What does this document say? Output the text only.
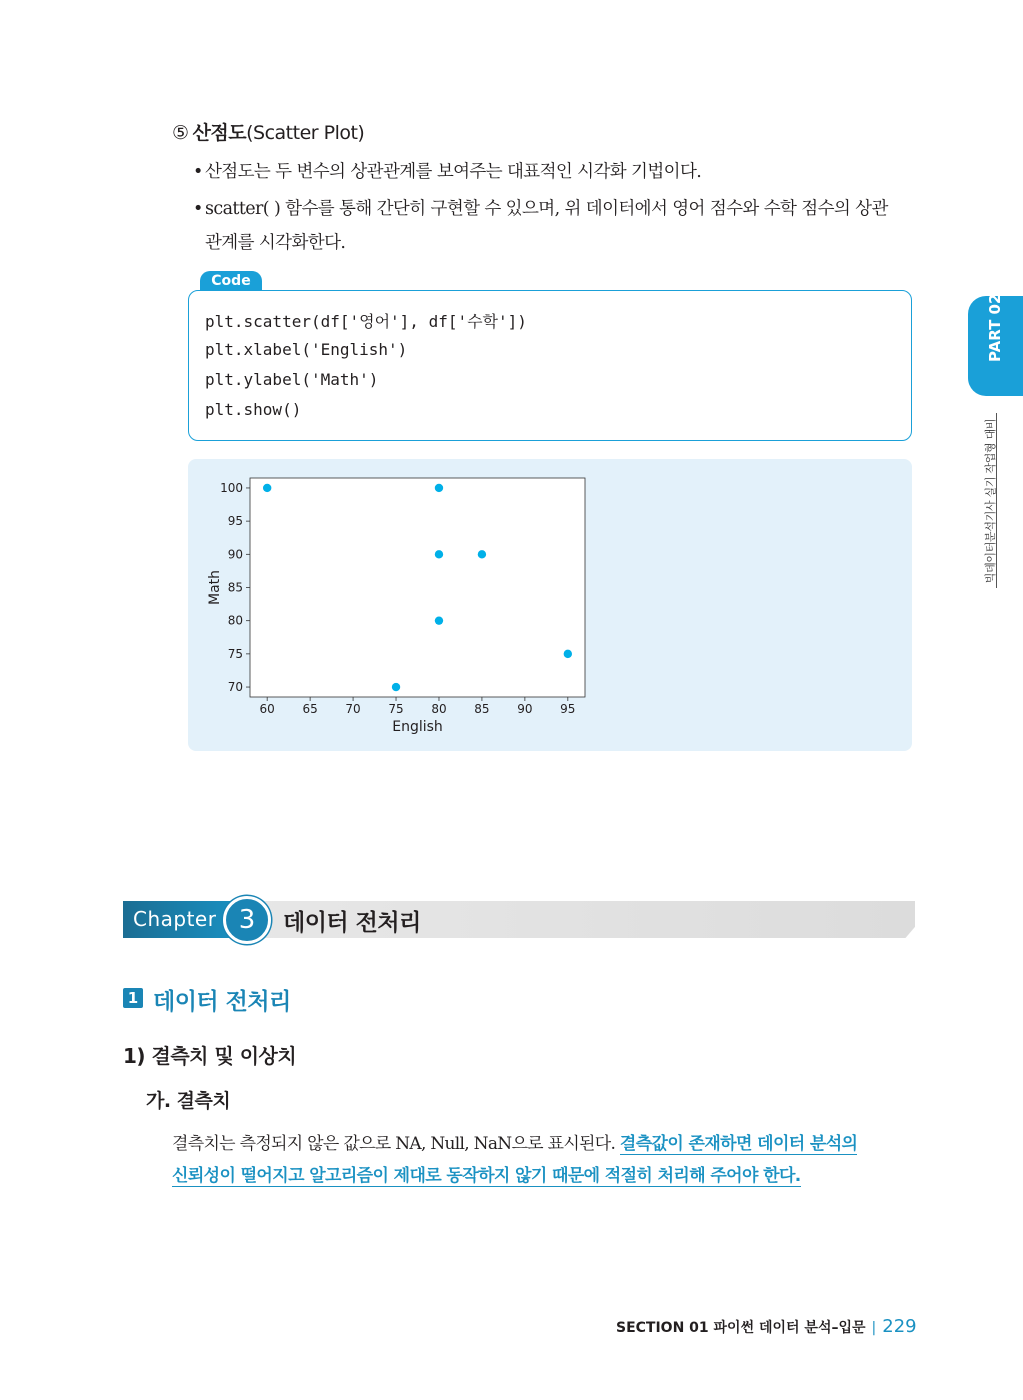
⑤ 산점도(Scatter Plot)
• 산점도는 두 변수의 상관관계를 보여주는 대표적인 시각화 기법이다.
• scatter( ) 함수를 통해 간단히 구현할 수 있으며, 위 데이터에서 영어 점수와 수학 점수의 상관
관계를 시각화한다.
Code
plt.scatter(df['영어'], df['수학'])
plt.xlabel('English')
plt.ylabel('Math')
plt.show()
60 65 70 75 80 85 90 95
70
75
80
85
90
95
100
English
Math
PART 02
빅데이터분석기사 실기 작업형 대비
Chapter 3	데이터 전처리
1 데이터 전처리
1) 결측치 및 이상치
가. 결측치
결측치는 측정되지 않은 값으로 NA, Null, NaN으로 표시된다. 결측값이 존재하면 데이터 분석의
신뢰성이 떨어지고 알고리즘이 제대로 동작하지 않기 때문에 적절히 처리해 주어야 한다.
SECTION 01 파이썬 데이터 분석–입문 | 229
